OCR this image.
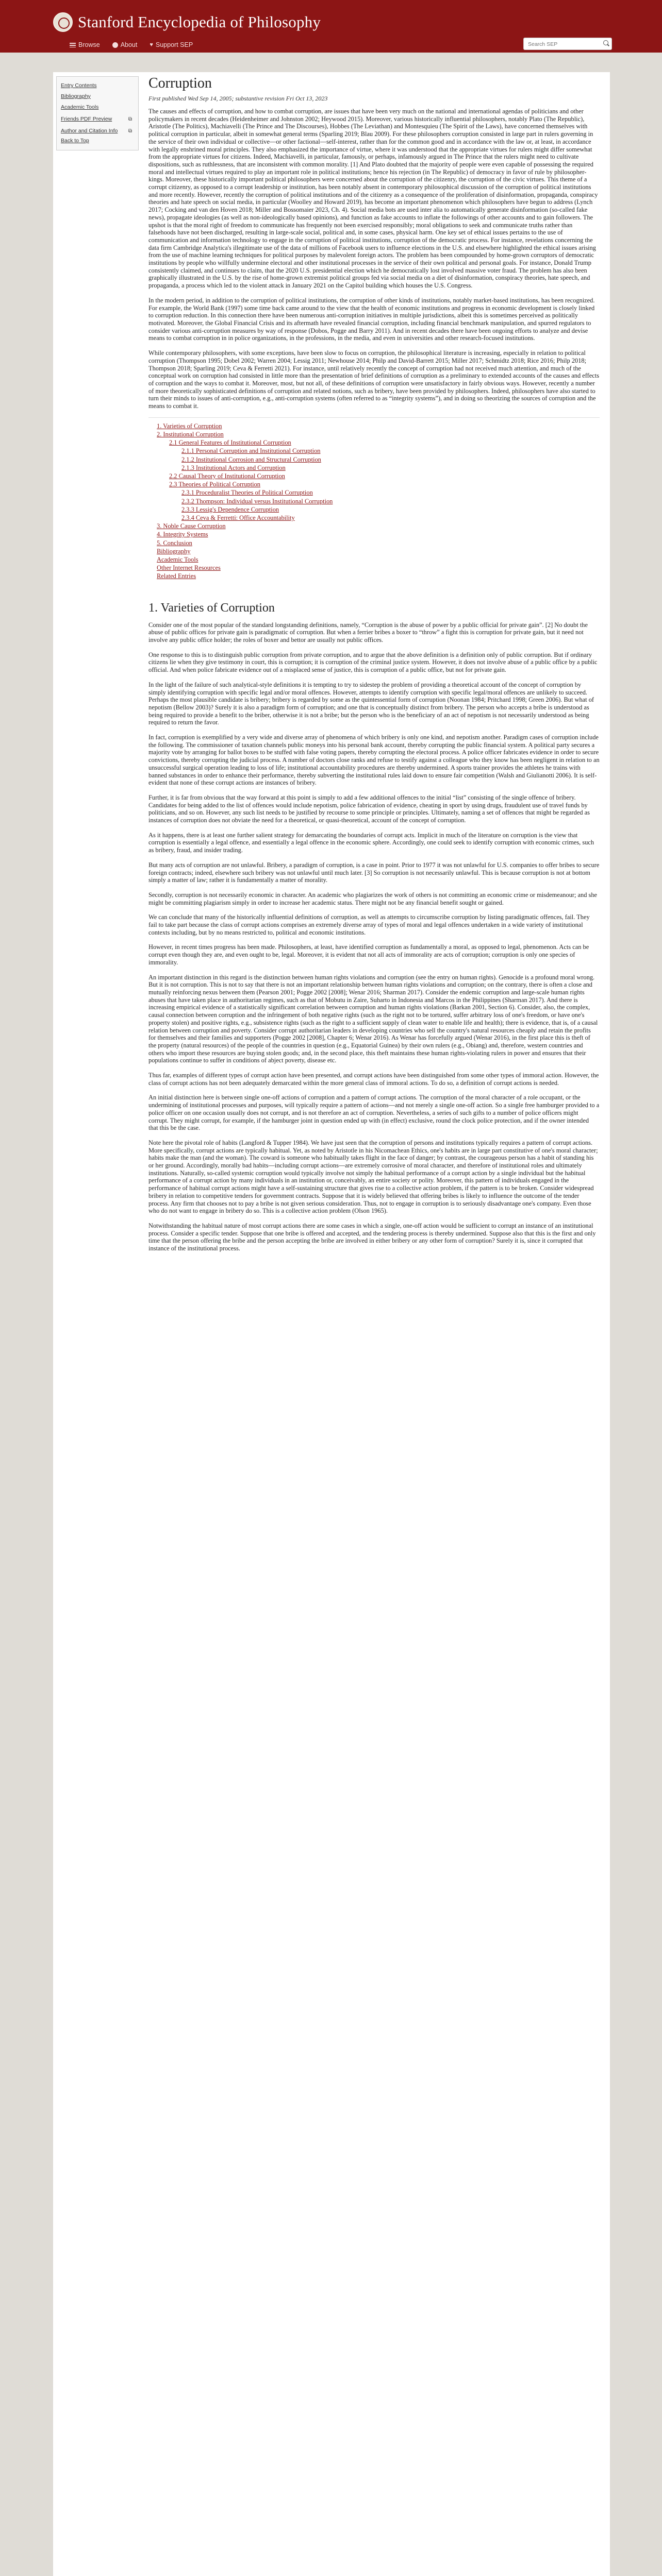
Stanford Encyclopedia of Philosophy
Browse	About ♥ Support SEP
Search SEP
Entry Contents
Bibliography
Academic Tools
Friends PDF Preview	⧉
Author and Citation Info ⧉
Back to Top
Corruption
First published Wed Sep 14, 2005; substantive revision Fri Oct 13, 2023

The causes and effects of corruption, and how to combat corruption, are issues that have been very much on the national and international agendas of politicians and other policymakers in recent decades (Heidenheimer and Johnston 2002; Heywood 2015). Moreover, various historically influential philosophers, notably Plato (The Republic), Aristotle (The Politics), Machiavelli (The Prince and The Discourses), Hobbes (The Leviathan) and Montesquieu (The Spirit of the Laws), have concerned themselves with political corruption in particular, albeit in somewhat general terms (Sparling 2019; Blau 2009). For these philosophers corruption consisted in large part in rulers governing in the service of their own individual or collective—or other factional—self-interest, rather than for the common good and in accordance with the law or, at least, in accordance with legally enshrined moral principles. They also emphasized the importance of virtue, where it was understood that the appropriate virtues for rulers might differ somewhat from the appropriate virtues for citizens. Indeed, Machiavelli, in particular, famously, or perhaps, infamously argued in The Prince that the rulers might need to cultivate dispositions, such as ruthlessness, that are inconsistent with common morality. [1] And Plato doubted that the majority of people were even capable of possessing the required moral and intellectual virtues required to play an important role in political institutions; hence his rejection (in The Republic) of democracy in favor of rule by philosopher-kings. Moreover, these historically important political philosophers were concerned about the corruption of the citizenry, the corruption of the civic virtues. This theme of a corrupt citizenry, as opposed to a corrupt leadership or institution, has been notably absent in contemporary philosophical discussion of the corruption of political institutions and more recently. However, recently the corruption of political institutions and of the citizenry as a consequence of the proliferation of disinformation, propaganda, conspiracy theories and hate speech on social media, in particular (Woolley and Howard 2019), has become an important phenomenon which philosophers have begun to address (Lynch 2017; Cocking and van den Hoven 2018; Miller and Bossomaier 2023, Ch. 4). Social media bots are used inter alia to automatically generate disinformation (so-called fake news), propagate ideologies (as well as non-ideologically based opinions), and function as fake accounts to inflate the followings of other accounts and to gain followers. The upshot is that the moral right of freedom to communicate has frequently not been exercised responsibly; moral obligations to seek and communicate truths rather than falsehoods have not been discharged, resulting in large-scale social, political and, in some cases, physical harm. One key set of ethical issues pertains to the use of communication and information technology to engage in the corruption of political institutions, corruption of the democratic process. For instance, revelations concerning the data firm Cambridge Analytica's illegitimate use of the data of millions of Facebook users to influence elections in the U.S. and elsewhere highlighted the ethical issues arising from the use of machine learning techniques for political purposes by malevolent foreign actors. The problem has been compounded by home-grown corruptors of democratic institutions by people who willfully undermine electoral and other institutional processes in the service of their own political and personal goals. For instance, Donald Trump consistently claimed, and continues to claim, that the 2020 U.S. presidential election which he democratically lost involved massive voter fraud. The problem has also been graphically illustrated in the U.S. by the rise of home-grown extremist political groups fed via social media on a diet of disinformation, conspiracy theories, hate speech, and propaganda, a process which led to the violent attack in January 2021 on the Capitol building which houses the U.S. Congress.

In the modern period, in addition to the corruption of political institutions, the corruption of other kinds of institutions, notably market-based institutions, has been recognized. For example, the World Bank (1997) some time back came around to the view that the health of economic institutions and progress in economic development is closely linked to corruption reduction. In this connection there have been numerous anti-corruption initiatives in multiple jurisdictions, albeit this is sometimes perceived as politically motivated. Moreover, the Global Financial Crisis and its aftermath have revealed financial corruption, including financial benchmark manipulation, and spurred regulators to consider various anti-corruption measures by way of response (Dobos, Pogge and Barry 2011). And in recent decades there have been ongoing efforts to analyze and devise means to combat corruption in in police organizations, in the professions, in the media, and even in universities and other research-focused institutions.

While contemporary philosophers, with some exceptions, have been slow to focus on corruption, the philosophical literature is increasing, especially in relation to political corruption (Thompson 1995; Dobel 2002; Warren 2004; Lessig 2011; Newhouse 2014; Philp and David-Barrett 2015; Miller 2017; Schmidtz 2018; Rice 2016; Philp 2018; Thompson 2018; Sparling 2019; Ceva & Ferretti 2021). For instance, until relatively recently the concept of corruption had not received much attention, and much of the conceptual work on corruption had consisted in little more than the presentation of brief definitions of corruption as a preliminary to extended accounts of the causes and effects of corruption and the ways to combat it. Moreover, most, but not all, of these definitions of corruption were unsatisfactory in fairly obvious ways. However, recently a number of more theoretically sophisticated definitions of corruption and related notions, such as bribery, have been provided by philosophers. Indeed, philosophers have also started to turn their minds to issues of anti-corruption, e.g., anti-corruption systems (often referred to as “integrity systems”), and in doing so theorizing the sources of corruption and the means to combat it.

1. Varieties of Corruption
2. Institutional Corruption
2.1 General Features of Institutional Corruption
2.1.1 Personal Corruption and Institutional Corruption
2.1.2 Institutional Corrosion and Structural Corruption
2.1.3 Institutional Actors and Corruption
2.2 Causal Theory of Institutional Corruption
2.3 Theories of Political Corruption
2.3.1 Proceduralist Theories of Political Corruption
2.3.2 Thompson: Individual versus Institutional Corruption
2.3.3 Lessig's Dependence Corruption
2.3.4 Ceva & Ferretti: Office Accountability
3. Noble Cause Corruption
4. Integrity Systems
5. Conclusion
Bibliography
Academic Tools
Other Internet Resources
Related Entries
1. Varieties of Corruption

Consider one of the most popular of the standard longstanding definitions, namely, “Corruption is the abuse of power by a public official for private gain”. [2] No doubt the abuse of public offices for private gain is paradigmatic of corruption. But when a ferrier bribes a boxer to “throw” a fight this is corruption for private gain, but it need not involve any public office holder; the roles of boxer and bettor are usually not public offices.

One response to this is to distinguish public corruption from private corruption, and to argue that the above definition is a definition only of public corruption. But if ordinary citizens lie when they give testimony in court, this is corruption; it is corruption of the criminal justice system. However, it does not involve abuse of a public office by a public official. And when police fabricate evidence out of a misplaced sense of justice, this is corruption of a public office, but not for private gain.

In the light of the failure of such analytical-style definitions it is tempting to try to sidestep the problem of providing a theoretical account of the concept of corruption by simply identifying corruption with specific legal and/or moral offences. However, attempts to identify corruption with specific legal/moral offences are unlikely to succeed. Perhaps the most plausible candidate is bribery; bribery is regarded by some as the quintessential form of corruption (Noonan 1984; Pritchard 1998; Green 2006). But what of nepotism (Bellow 2003)? Surely it is also a paradigm form of corruption; and one that is conceptually distinct from bribery. The person who accepts a bribe is understood as being required to provide a benefit to the briber, otherwise it is not a bribe; but the person who is the beneficiary of an act of nepotism is not necessarily understood as being required to return the favor.

In fact, corruption is exemplified by a very wide and diverse array of phenomena of which bribery is only one kind, and nepotism another. Paradigm cases of corruption include the following. The commissioner of taxation channels public moneys into his personal bank account, thereby corrupting the public financial system. A political party secures a majority vote by arranging for ballot boxes to be stuffed with false voting papers, thereby corrupting the electoral process. A police officer fabricates evidence in order to secure convictions, thereby corrupting the judicial process. A number of doctors close ranks and refuse to testify against a colleague who they know has been negligent in relation to an unsuccessful surgical operation leading to loss of life; institutional accountability procedures are thereby undermined. A sports trainer provides the athletes he trains with banned substances in order to enhance their performance, thereby subverting the institutional rules laid down to ensure fair competition (Walsh and Giulianotti 2006). It is self-evident that none of these corrupt actions are instances of bribery.

Further, it is far from obvious that the way forward at this point is simply to add a few additional offences to the initial “list” consisting of the single offence of bribery. Candidates for being added to the list of offences would include nepotism, police fabrication of evidence, cheating in sport by using drugs, fraudulent use of travel funds by politicians, and so on. However, any such list needs to be justified by recourse to some principle or principles. Ultimately, naming a set of offences that might be regarded as instances of corruption does not obviate the need for a theoretical, or quasi-theoretical, account of the concept of corruption.

As it happens, there is at least one further salient strategy for demarcating the boundaries of corrupt acts. Implicit in much of the literature on corruption is the view that corruption is essentially a legal offence, and essentially a legal offence in the economic sphere. Accordingly, one could seek to identify corruption with economic crimes, such as bribery, fraud, and insider trading.

But many acts of corruption are not unlawful. Bribery, a paradigm of corruption, is a case in point. Prior to 1977 it was not unlawful for U.S. companies to offer bribes to secure foreign contracts; indeed, elsewhere such bribery was not unlawful until much later. [3] So corruption is not necessarily unlawful. This is because corruption is not at bottom simply a matter of law; rather it is fundamentally a matter of morality.

Secondly, corruption is not necessarily economic in character. An academic who plagiarizes the work of others is not committing an economic crime or misdemeanour; and she might be committing plagiarism simply in order to increase her academic status. There might not be any financial benefit sought or gained.

We can conclude that many of the historically influential definitions of corruption, as well as attempts to circumscribe corruption by listing paradigmatic offences, fail. They fail to take part because the class of corrupt actions comprises an extremely diverse array of types of moral and legal offences undertaken in a wide variety of institutional contexts including, but by no means restricted to, political and economic institutions.

However, in recent times progress has been made. Philosophers, at least, have identified corruption as fundamentally a moral, as opposed to legal, phenomenon. Acts can be corrupt even though they are, and even ought to be, legal. Moreover, it is evident that not all acts of immorality are acts of corruption; corruption is only one species of immorality.

An important distinction in this regard is the distinction between human rights violations and corruption (see the entry on human rights). Genocide is a profound moral wrong. But it is not corruption. This is not to say that there is not an important relationship between human rights violations and corruption; on the contrary, there is often a close and mutually reinforcing nexus between them (Pearson 2001; Pogge 2002 [2008]; Wenar 2016; Sharman 2017). Consider the endemic corruption and large-scale human rights abuses that have taken place in authoritarian regimes, such as that of Mobutu in Zaire, Suharto in Indonesia and Marcos in the Philippines (Sharman 2017). And there is increasing empirical evidence of a statistically significant correlation between corruption and human rights violations (Barkan 2001, Section 6). Consider, also, the complex, causal connection between corruption and the infringement of both negative rights (such as the right not to be tortured, suffer arbitrary loss of one's freedom, or have one's property stolen) and positive rights, e.g., subsistence rights (such as the right to a sufficient supply of clean water to enable life and health); there is evidence, that is, of a causal relation between corruption and poverty. Consider corrupt authoritarian leaders in developing countries who sell the country's natural resources cheaply and retain the profits for themselves and their families and supporters (Pogge 2002 [2008], Chapter 6; Wenar 2016). As Wenar has forcefully argued (Wenar 2016), in the first place this is theft of the property (natural resources) of the people of the countries in question (e.g., Equatorial Guinea) by their own rulers (e.g., Obiang) and, therefore, western countries and others who import these resources are buying stolen goods; and, in the second place, this theft maintains these human rights-violating rulers in power and ensures that their populations continue to suffer in conditions of abject poverty, disease etc.

Thus far, examples of different types of corrupt action have been presented, and corrupt actions have been distinguished from some other types of immoral action. However, the class of corrupt actions has not been adequately demarcated within the more general class of immoral actions. To do so, a definition of corrupt actions is needed.

An initial distinction here is between single one-off actions of corruption and a pattern of corrupt actions. The corruption of the moral character of a role occupant, or the undermining of institutional processes and purposes, will typically require a pattern of actions—and not merely a single one-off action. So a single free hamburger provided to a police officer on one occasion usually does not corrupt, and is not therefore an act of corruption. Nevertheless, a series of such gifts to a number of police officers might corrupt. They might corrupt, for example, if the hamburger joint in question ended up with (in effect) exclusive, round the clock police protection, and if the owner intended that this be the case.

Note here the pivotal role of habits (Langford & Tupper 1984). We have just seen that the corruption of persons and institutions typically requires a pattern of corrupt actions. More specifically, corrupt actions are typically habitual. Yet, as noted by Aristotle in his Nicomachean Ethics, one's habits are in large part constitutive of one's moral character; habits make the man (and the woman). The coward is someone who habitually takes flight in the face of danger; by contrast, the courageous person has a habit of standing his or her ground. Accordingly, morally bad habits—including corrupt actions—are extremely corrosive of moral character, and therefore of institutional roles and ultimately institutions. Naturally, so-called systemic corruption would typically involve not simply the habitual performance of a corrupt action by a single individual but the habitual performance of a corrupt action by many individuals in an institution or, conceivably, an entire society or polity. Moreover, this pattern of individuals engaged in the performance of habitual corrupt actions might have a self-sustaining structure that gives rise to a collective action problem, if the pattern is to be broken. Consider widespread bribery in relation to competitive tenders for government contracts. Suppose that it is widely believed that offering bribes is likely to influence the outcome of the tender process. Any firm that chooses not to pay a bribe is not given serious consideration. Thus, not to engage in corruption is to seriously disadvantage one's company. Even those who do not want to engage in bribery do so. This is a collective action problem (Olson 1965).

Notwithstanding the habitual nature of most corrupt actions there are some cases in which a single, one-off action would be sufficient to corrupt an instance of an institutional process. Consider a specific tender. Suppose that one bribe is offered and accepted, and the tendering process is thereby undermined. Suppose also that this is the first and only time that the person offering the bribe and the person accepting the bribe are involved in either bribery or any other form of corruption? Surely it is, since it corrupted that instance of the institutional process.
